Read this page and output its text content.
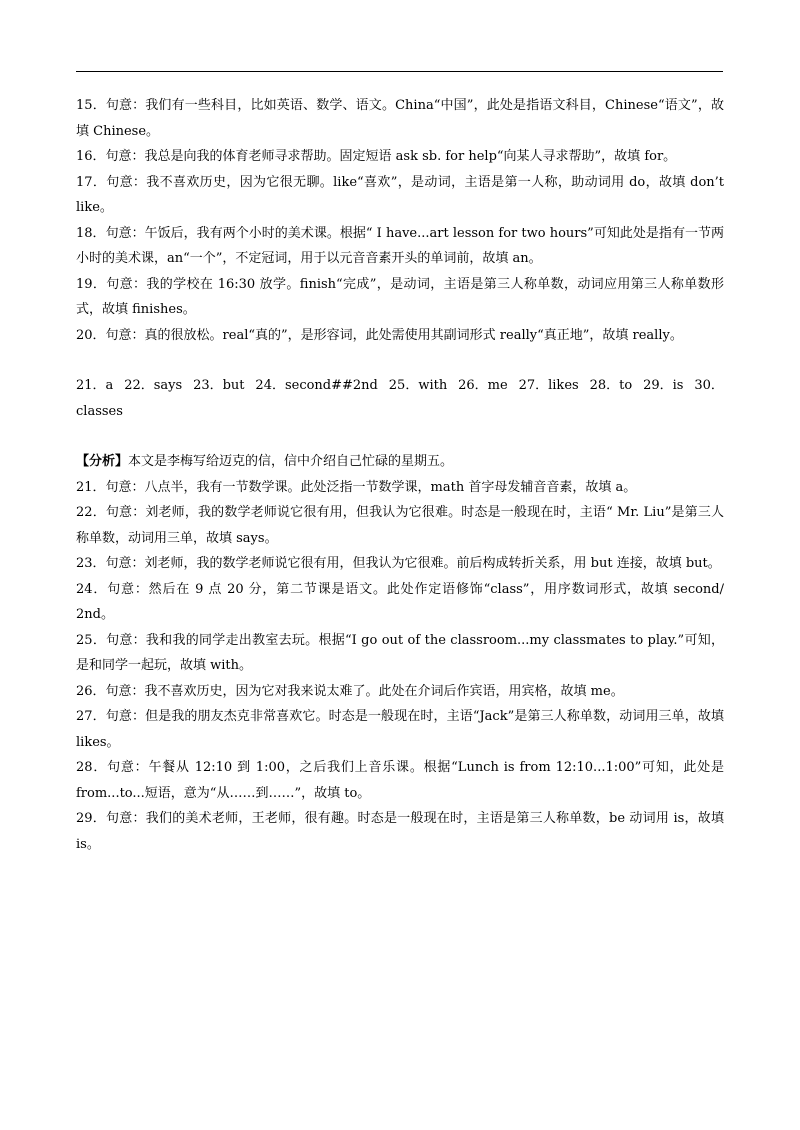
15．句意：我们有一些科目，比如英语、数学、语文。China“中国”，此处是指语文科目，Chinese“语文”，故填 Chinese。

16．句意：我总是向我的体育老师寻求帮助。固定短语 ask sb. for help“向某人寻求帮助”，故填 for。

17．句意：我不喜欢历史，因为它很无聊。like“喜欢”，是动词，主语是第一人称，助动词用 do，故填 don’t like。

18．句意：午饭后，我有两个小时的美术课。根据“ I have...art lesson for two hours”可知此处是指有一节两小时的美术课，an“一个”，不定冠词，用于以元音音素开头的单词前，故填 an。

19．句意：我的学校在 16:30 放学。finish“完成”，是动词，主语是第三人称单数，动词应用第三人称单数形式，故填 finishes。

20．句意：真的很放松。real“真的”，是形容词，此处需使用其副词形式 really“真正地”，故填 really。

21．a 22．says 23．but 24．second##2nd 25．with 26．me 27．likes 28．to 29．is 30．

classes

【分析】本文是李梅写给迈克的信，信中介绍自己忙碌的星期五。

21．句意：八点半，我有一节数学课。此处泛指一节数学课，math 首字母发辅音音素，故填 a。

22．句意：刘老师，我的数学老师说它很有用，但我认为它很难。时态是一般现在时，主语“ Mr. Liu”是第三人称单数，动词用三单，故填 says。

23．句意：刘老师，我的数学老师说它很有用，但我认为它很难。前后构成转折关系，用 but 连接，故填 but。

24．句意：然后在 9 点 20 分，第二节课是语文。此处作定语修饰“class”，用序数词形式，故填 second/ 2nd。

25．句意：我和我的同学走出教室去玩。根据“I go out of the classroom...my classmates to play.”可知，是和同学一起玩，故填 with。

26．句意：我不喜欢历史，因为它对我来说太难了。此处在介词后作宾语，用宾格，故填 me。

27．句意：但是我的朋友杰克非常喜欢它。时态是一般现在时，主语“Jack”是第三人称单数，动词用三单，故填 likes。

28．句意：午餐从 12:10 到 1:00，之后我们上音乐课。根据“Lunch is from 12:10...1:00”可知，此处是 from...to...短语，意为“从……到……”，故填 to。

29．句意：我们的美术老师，王老师，很有趣。时态是一般现在时，主语是第三人称单数，be 动词用 is，故填 is。
